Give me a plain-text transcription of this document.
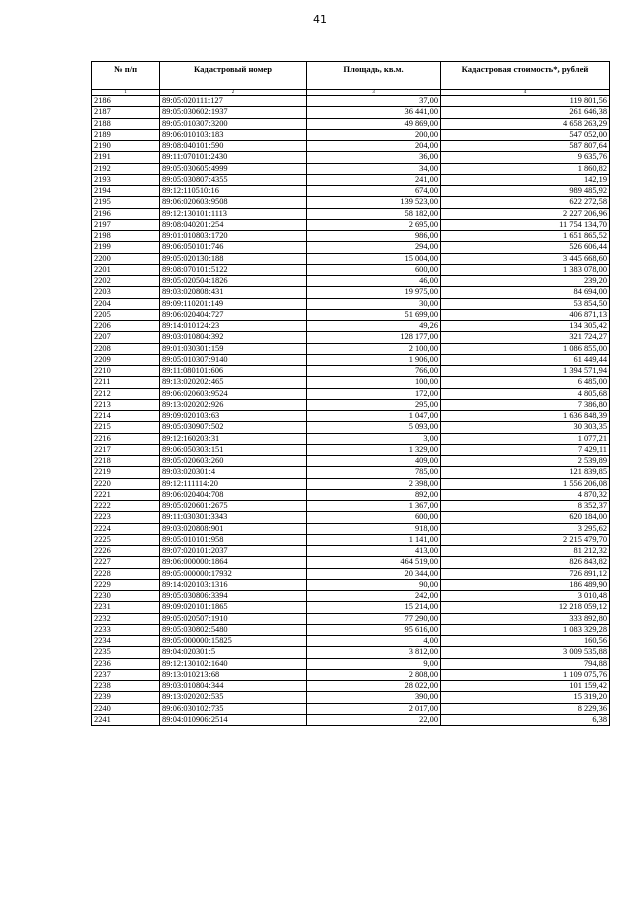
41
№ п/п	Кадастровый номер	Площадь, кв.м.	Кадастровая стоимость*, рублей
1	2	3	4
2186	89:05:020111:127	37,00	119 801,56
2187	89:05:030602:1937	36 441,00	261 646,38
2188	89:05:010307:3200	49 869,00	4 658 263,29
2189	89:06:010103:183	200,00	547 052,00
2190	89:08:040101:590	204,00	587 807,64
2191	89:11:070101:2430	36,00	9 635,76
2192	89:05:030605:4999	34,00	1 860,82
2193	89:05:030807:4355	241,00	142,19
2194	89:12:110510:16	674,00	989 485,92
2195	89:06:020603:9508	139 523,00	622 272,58
2196	89:12:130101:1113	58 182,00	2 227 206,96
2197	89:08:040201:254	2 695,00	11 754 134,70
2198	89:01:010803:1720	986,00	1 651 865,52
2199	89:06:050101:746	294,00	526 606,44
2200	89:05:020130:188	15 004,00	3 445 668,60
2201	89:08:070101:5122	600,00	1 383 078,00
2202	89:05:020504:1826	46,00	239,20
2203	89:03:020808:431	19 975,00	84 694,00
2204	89:09:110201:149	30,00	53 854,50
2205	89:06:020404:727	51 699,00	406 871,13
2206	89:14:010124:23	49,26	134 305,42
2207	89:03:010804:392	128 177,00	321 724,27
2208	89:01:030301:159	2 100,00	1 086 855,00
2209	89:05:010307:9140	1 906,00	61 449,44
2210	89:11:080101:606	766,00	1 394 571,94
2211	89:13:020202:465	100,00	6 485,00
2212	89:06:020603:9524	172,00	4 805,68
2213	89:13:020202:926	295,00	7 386,80
2214	89:09:020103:63	1 047,00	1 636 848,39
2215	89:05:030907:502	5 093,00	30 303,35
2216	89:12:160203:31	3,00	1 077,21
2217	89:06:050303:151	1 329,00	7 429,11
2218	89:05:020603:260	409,00	2 539,89
2219	89:03:020301:4	785,00	121 839,85
2220	89:12:111114:20	2 398,00	1 556 206,08
2221	89:06:020404:708	892,00	4 870,32
2222	89:05:020601:2675	1 367,00	8 352,37
2223	89:11:030301:3343	600,00	620 184,00
2224	89:03:020808:901	918,00	3 295,62
2225	89:05:010101:958	1 141,00	2 215 479,70
2226	89:07:020101:2037	413,00	81 212,32
2227	89:06:000000:1864	464 519,00	826 843,82
2228	89:05:000000:17932	20 344,00	726 891,12
2229	89:14:020103:1316	90,00	186 489,90
2230	89:05:030806:3394	242,00	3 010,48
2231	89:09:020101:1865	15 214,00	12 218 059,12
2232	89:05:020507:1910	77 290,00	333 892,80
2233	89:05:030802:5480	95 616,00	1 083 329,28
2234	89:05:000000:15825	4,00	160,56
2235	89:04:020301:5	3 812,00	3 009 535,88
2236	89:12:130102:1640	9,00	794,88
2237	89:13:010213:68	2 808,00	1 109 075,76
2238	89:03:010804:344	28 022,00	101 159,42
2239	89:13:020202:535	390,00	15 319,20
2240	89:06:030102:735	2 017,00	8 229,36
2241	89:04:010906:2514	22,00	6,38
